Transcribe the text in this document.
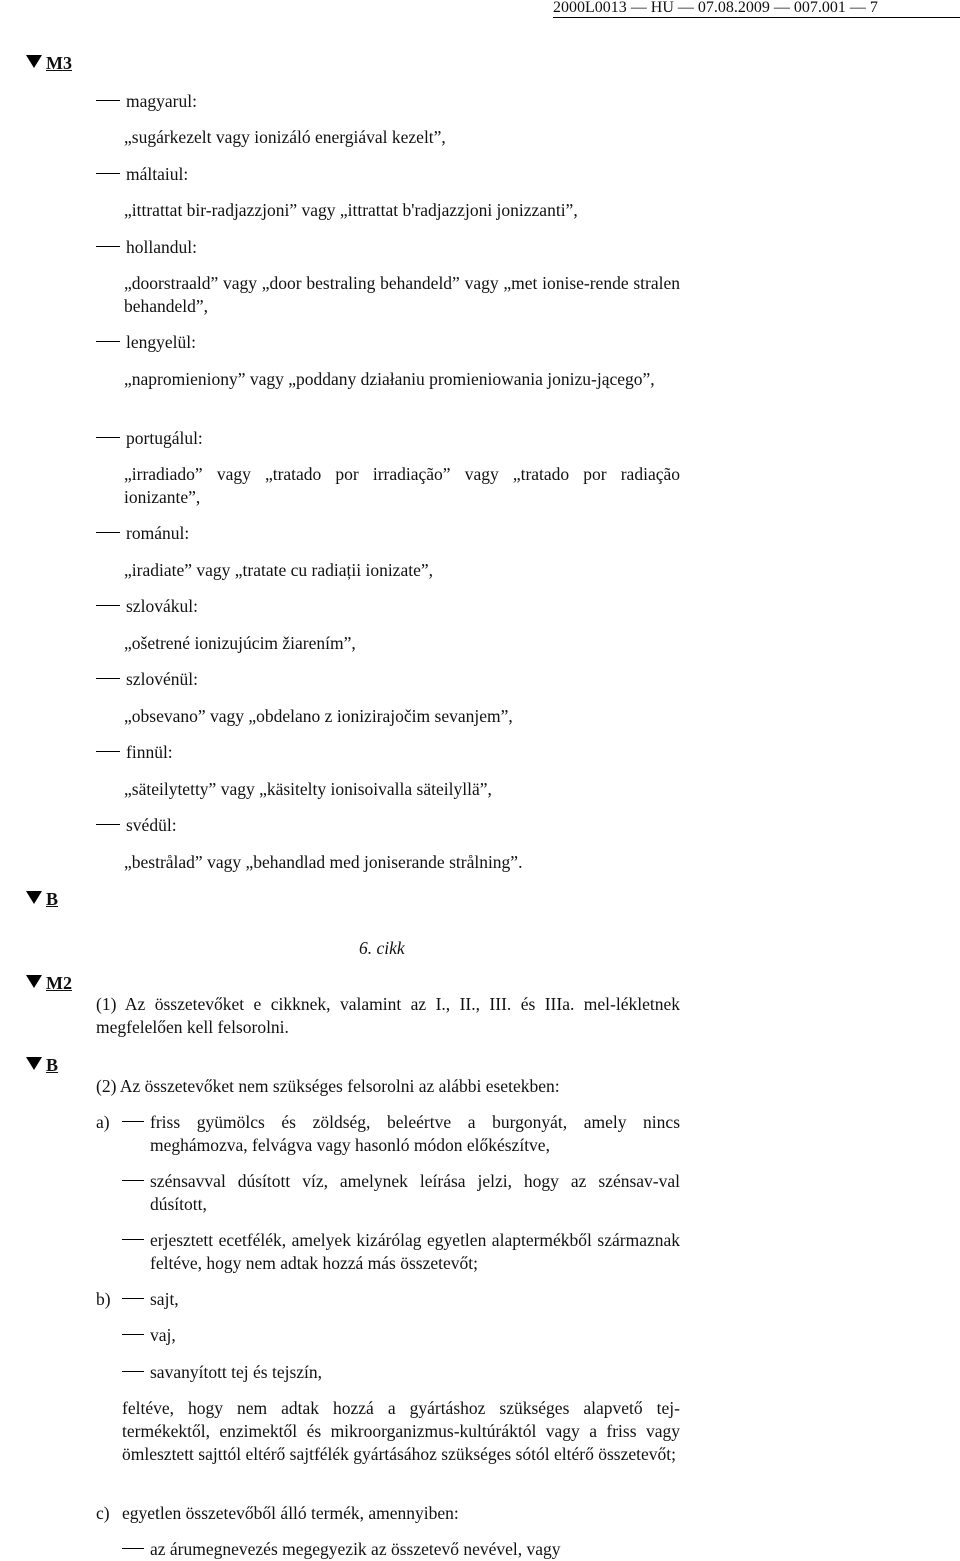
2000L0013 — HU — 07.08.2009 — 007.001 — 7
M3
B
M2
B
magyarul:
„sugárkezelt vagy ionizáló energiával kezelt”,
máltaiul:
„ittrattat bir-radjazzjoni” vagy „ittrattat b'radjazzjoni jonizzanti”,
hollandul:
„doorstraald” vagy „door bestraling behandeld” vagy „met ionise-rende stralen behandeld”,
lengyelül:
„napromieniony” vagy „poddany działaniu promieniowania jonizu-jącego”,
portugálul:
„irradiado” vagy „tratado por irradiação” vagy „tratado por radiação ionizante”,
románul:
„iradiate” vagy „tratate cu radiații ionizate”,
szlovákul:
„ošetrené ionizujúcim žiarením”,
szlovénül:
„obsevano” vagy „obdelano z ionizirajočim sevanjem”,
finnül:
„säteilytetty” vagy „käsitelty ionisoivalla säteilyllä”,
svédül:
„bestrålad” vagy „behandlad med joniserande strålning”.
6. cikk
(1) Az összetevőket e cikknek, valamint az I., II., III. és IIIa. mel-lékletnek megfelelően kell felsorolni.
(2) Az összetevőket nem szükséges felsorolni az alábbi esetekben:
a)	friss gyümölcs és zöldség, beleértve a burgonyát, amely nincs meghámozva, felvágva vagy hasonló módon előkészítve,
szénsavval dúsított víz, amelynek leírása jelzi, hogy az szénsav-val dúsított,
erjesztett ecetfélék, amelyek kizárólag egyetlen alaptermékből származnak feltéve, hogy nem adtak hozzá más összetevőt;
b)	sajt,
vaj,
savanyított tej és tejszín,
feltéve, hogy nem adtak hozzá a gyártáshoz szükséges alapvető tej-termékektől, enzimektől és mikroorganizmus-kultúráktól vagy a friss vagy ömlesztett sajttól eltérő sajtfélék gyártásához szükséges sótól eltérő összetevőt;
c) egyetlen összetevőből álló termék, amennyiben:
az árumegnevezés megegyezik az összetevő nevével, vagy
